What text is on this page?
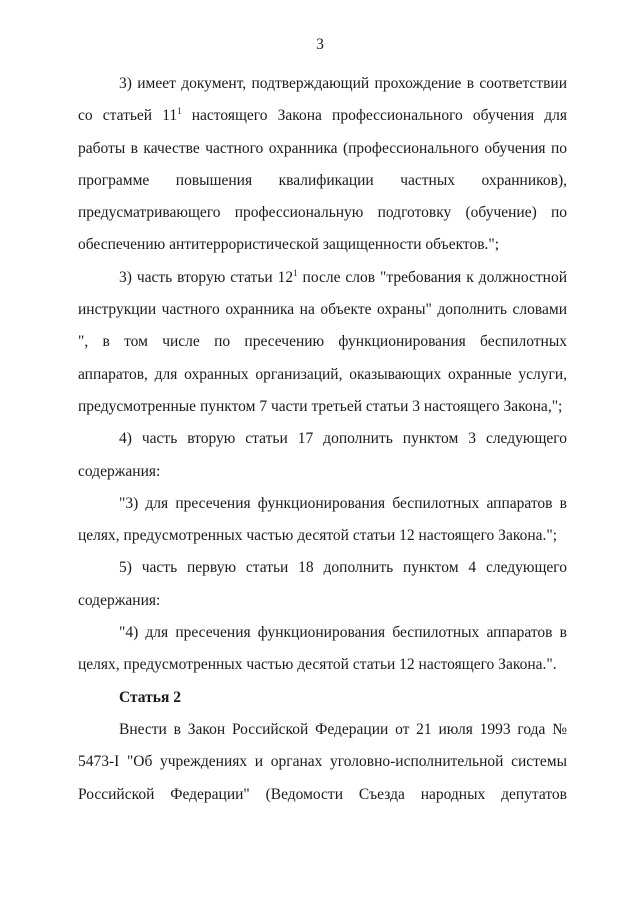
3

3) имеет документ, подтверждающий прохождение в соответствии со статьей $11^1$ настоящего Закона профессионального обучения для работы в качестве частного охранника (профессионального обучения по программе повышения квалификации частных охранников), предусматривающего профессиональную подготовку (обучение) по обеспечению антитеррористической защищенности объектов.";

3) часть вторую статьи $12^1$ после слов "требования к должностной инструкции частного охранника на объекте охраны" дополнить словами ", в том числе по пресечению функционирования беспилотных аппаратов, для охранных организаций, оказывающих охранные услуги, предусмотренные пунктом 7 части третьей статьи 3 настоящего Закона,";

4) часть вторую статьи 17 дополнить пунктом 3 следующего содержания:

"3) для пресечения функционирования беспилотных аппаратов в целях, предусмотренных частью десятой статьи 12 настоящего Закона.";

5) часть первую статьи 18 дополнить пунктом 4 следующего содержания:

"4) для пресечения функционирования беспилотных аппаратов в целях, предусмотренных частью десятой статьи 12 настоящего Закона.".

Статья 2

Внести в Закон Российской Федерации от 21 июля 1993 года № 5473-I "Об учреждениях и органах уголовно-исполнительной системы Российской Федерации" (Ведомости Съезда народных депутатов
